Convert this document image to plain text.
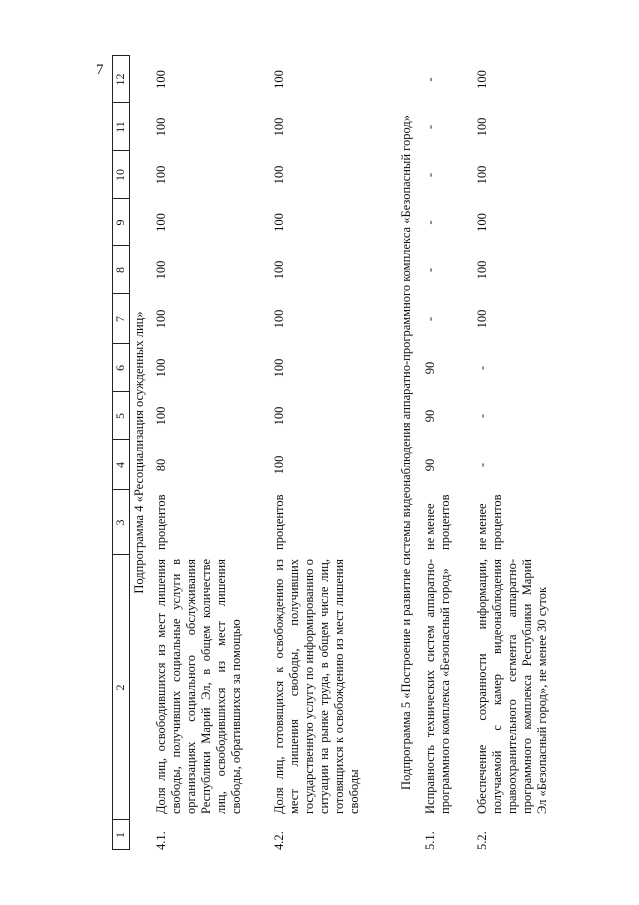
7
1
2
3
4
5
6
7
8
9
10
11
12
Подпрограмма 4 «Ресоциализация осужденных лиц»
4.1.
Доля лиц, освободившихся из мест лишения свободы, получивших социальные услуги в организациях социального обслуживания Республики Марий Эл, в общем количестве лиц, освободившихся из мест лишения свободы, обратившихся за помощью
процентов
80
100
100
100
100
100
100
100
100
4.2.
Доля лиц, готовящихся к освобождению из мест лишения свободы, получивших государственную услугу по информированию о ситуации на рынке труда, в общем числе лиц, готовящихся к освобождению из мест лишения свободы
процентов
100
100
100
100
100
100
100
100
100
Подпрограмма 5 «Построение и развитие системы видеонаблюдения аппаратно-программного комплекса «Безопасный город»
5.1.
Исправность технических систем аппаратно-программного комплекса «Безопасный город»
не менее процентов
90
90
90
-
-
-
-
-
-
5.2.
Обеспечение сохранности информации, получаемой с камер видеонаблюдения правоохранительного сегмента аппаратно-программного комплекса Республики Марий Эл «Безопасный город», не менее 30 суток
не менее процентов
-
-
-
100
100
100
100
100
100
